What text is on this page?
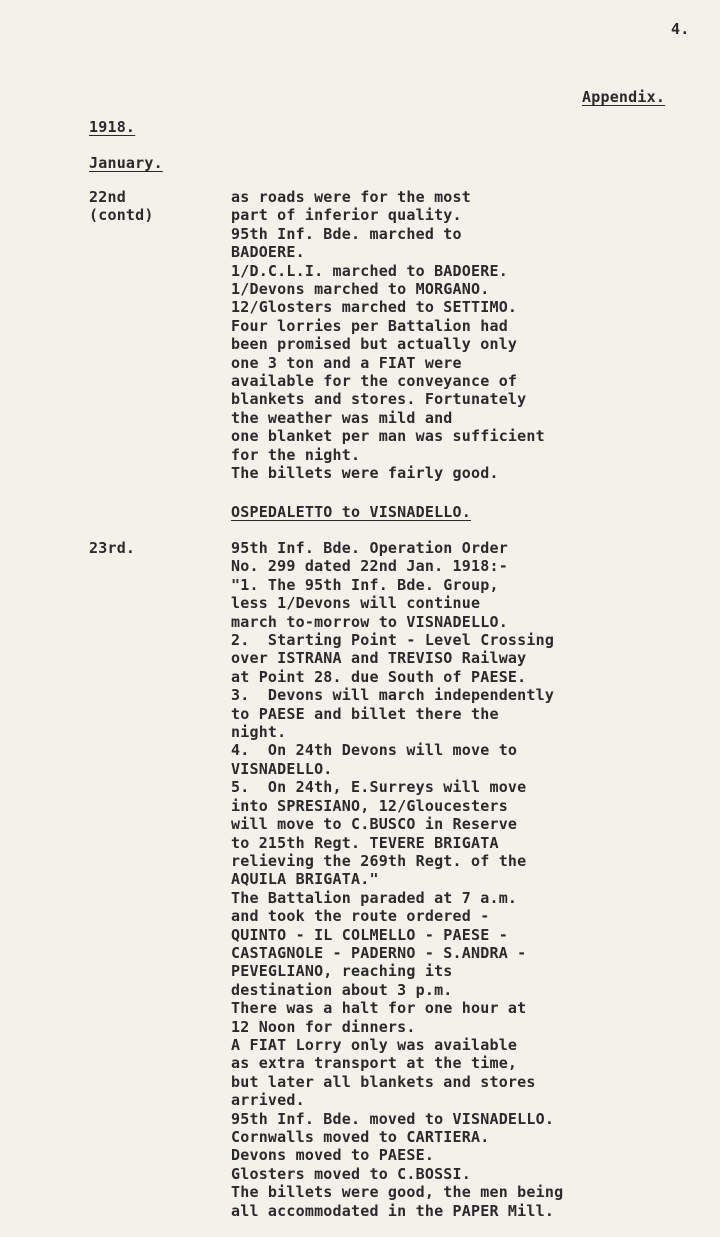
4.
Appendix.
1918.
January.
22nd
(contd)
as roads were for the most
part of inferior quality.
95th Inf. Bde. marched to
BADOERE.
1/D.C.L.I. marched to BADOERE.
1/Devons marched to MORGANO.
12/Glosters marched to SETTIMO.
Four lorries per Battalion had
been promised but actually only
one 3 ton and a FIAT were
available for the conveyance of
blankets and stores. Fortunately
the weather was mild and
one blanket per man was sufficient
for the night.
The billets were fairly good.
OSPEDALETTO to VISNADELLO.
23rd.	95th Inf. Bde. Operation Order
No. 299 dated 22nd Jan. 1918:-
"1. The 95th Inf. Bde. Group,
less 1/Devons will continue
march to-morrow to VISNADELLO.
2.  Starting Point - Level Crossing
over ISTRANA and TREVISO Railway
at Point 28. due South of PAESE.
3.  Devons will march independently
to PAESE and billet there the
night.
4.  On 24th Devons will move to
VISNADELLO.
5.  On 24th, E.Surreys will move
into SPRESIANO, 12/Gloucesters
will move to C.BUSCO in Reserve
to 215th Regt. TEVERE BRIGATA
relieving the 269th Regt. of the
AQUILA BRIGATA."
The Battalion paraded at 7 a.m.
and took the route ordered -
QUINTO - IL COLMELLO - PAESE -
CASTAGNOLE - PADERNO - S.ANDRA -
PEVEGLIANO, reaching its
destination about 3 p.m.
There was a halt for one hour at
12 Noon for dinners.
A FIAT Lorry only was available
as extra transport at the time,
but later all blankets and stores
arrived.
95th Inf. Bde. moved to VISNADELLO.
Cornwalls moved to CARTIERA.
Devons moved to PAESE.
Glosters moved to C.BOSSI.
The billets were good, the men being
all accommodated in the PAPER Mill.
